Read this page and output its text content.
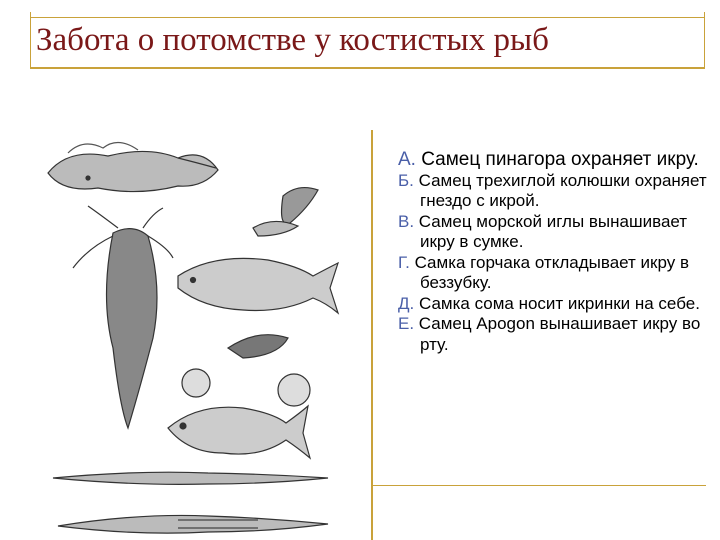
Забота о потомстве у костистых рыб
А. Самец пинагора охраняет икру.
Б. Самец трехиглой колюшки охраняет гнездо с икрой.
В. Самец морской иглы вынашивает икру в сумке.
Г. Самка горчака откладывает икру в беззубку.
Д. Самка сома носит икринки на себе.
Е. Самец Apogon вынашивает икру во рту.
